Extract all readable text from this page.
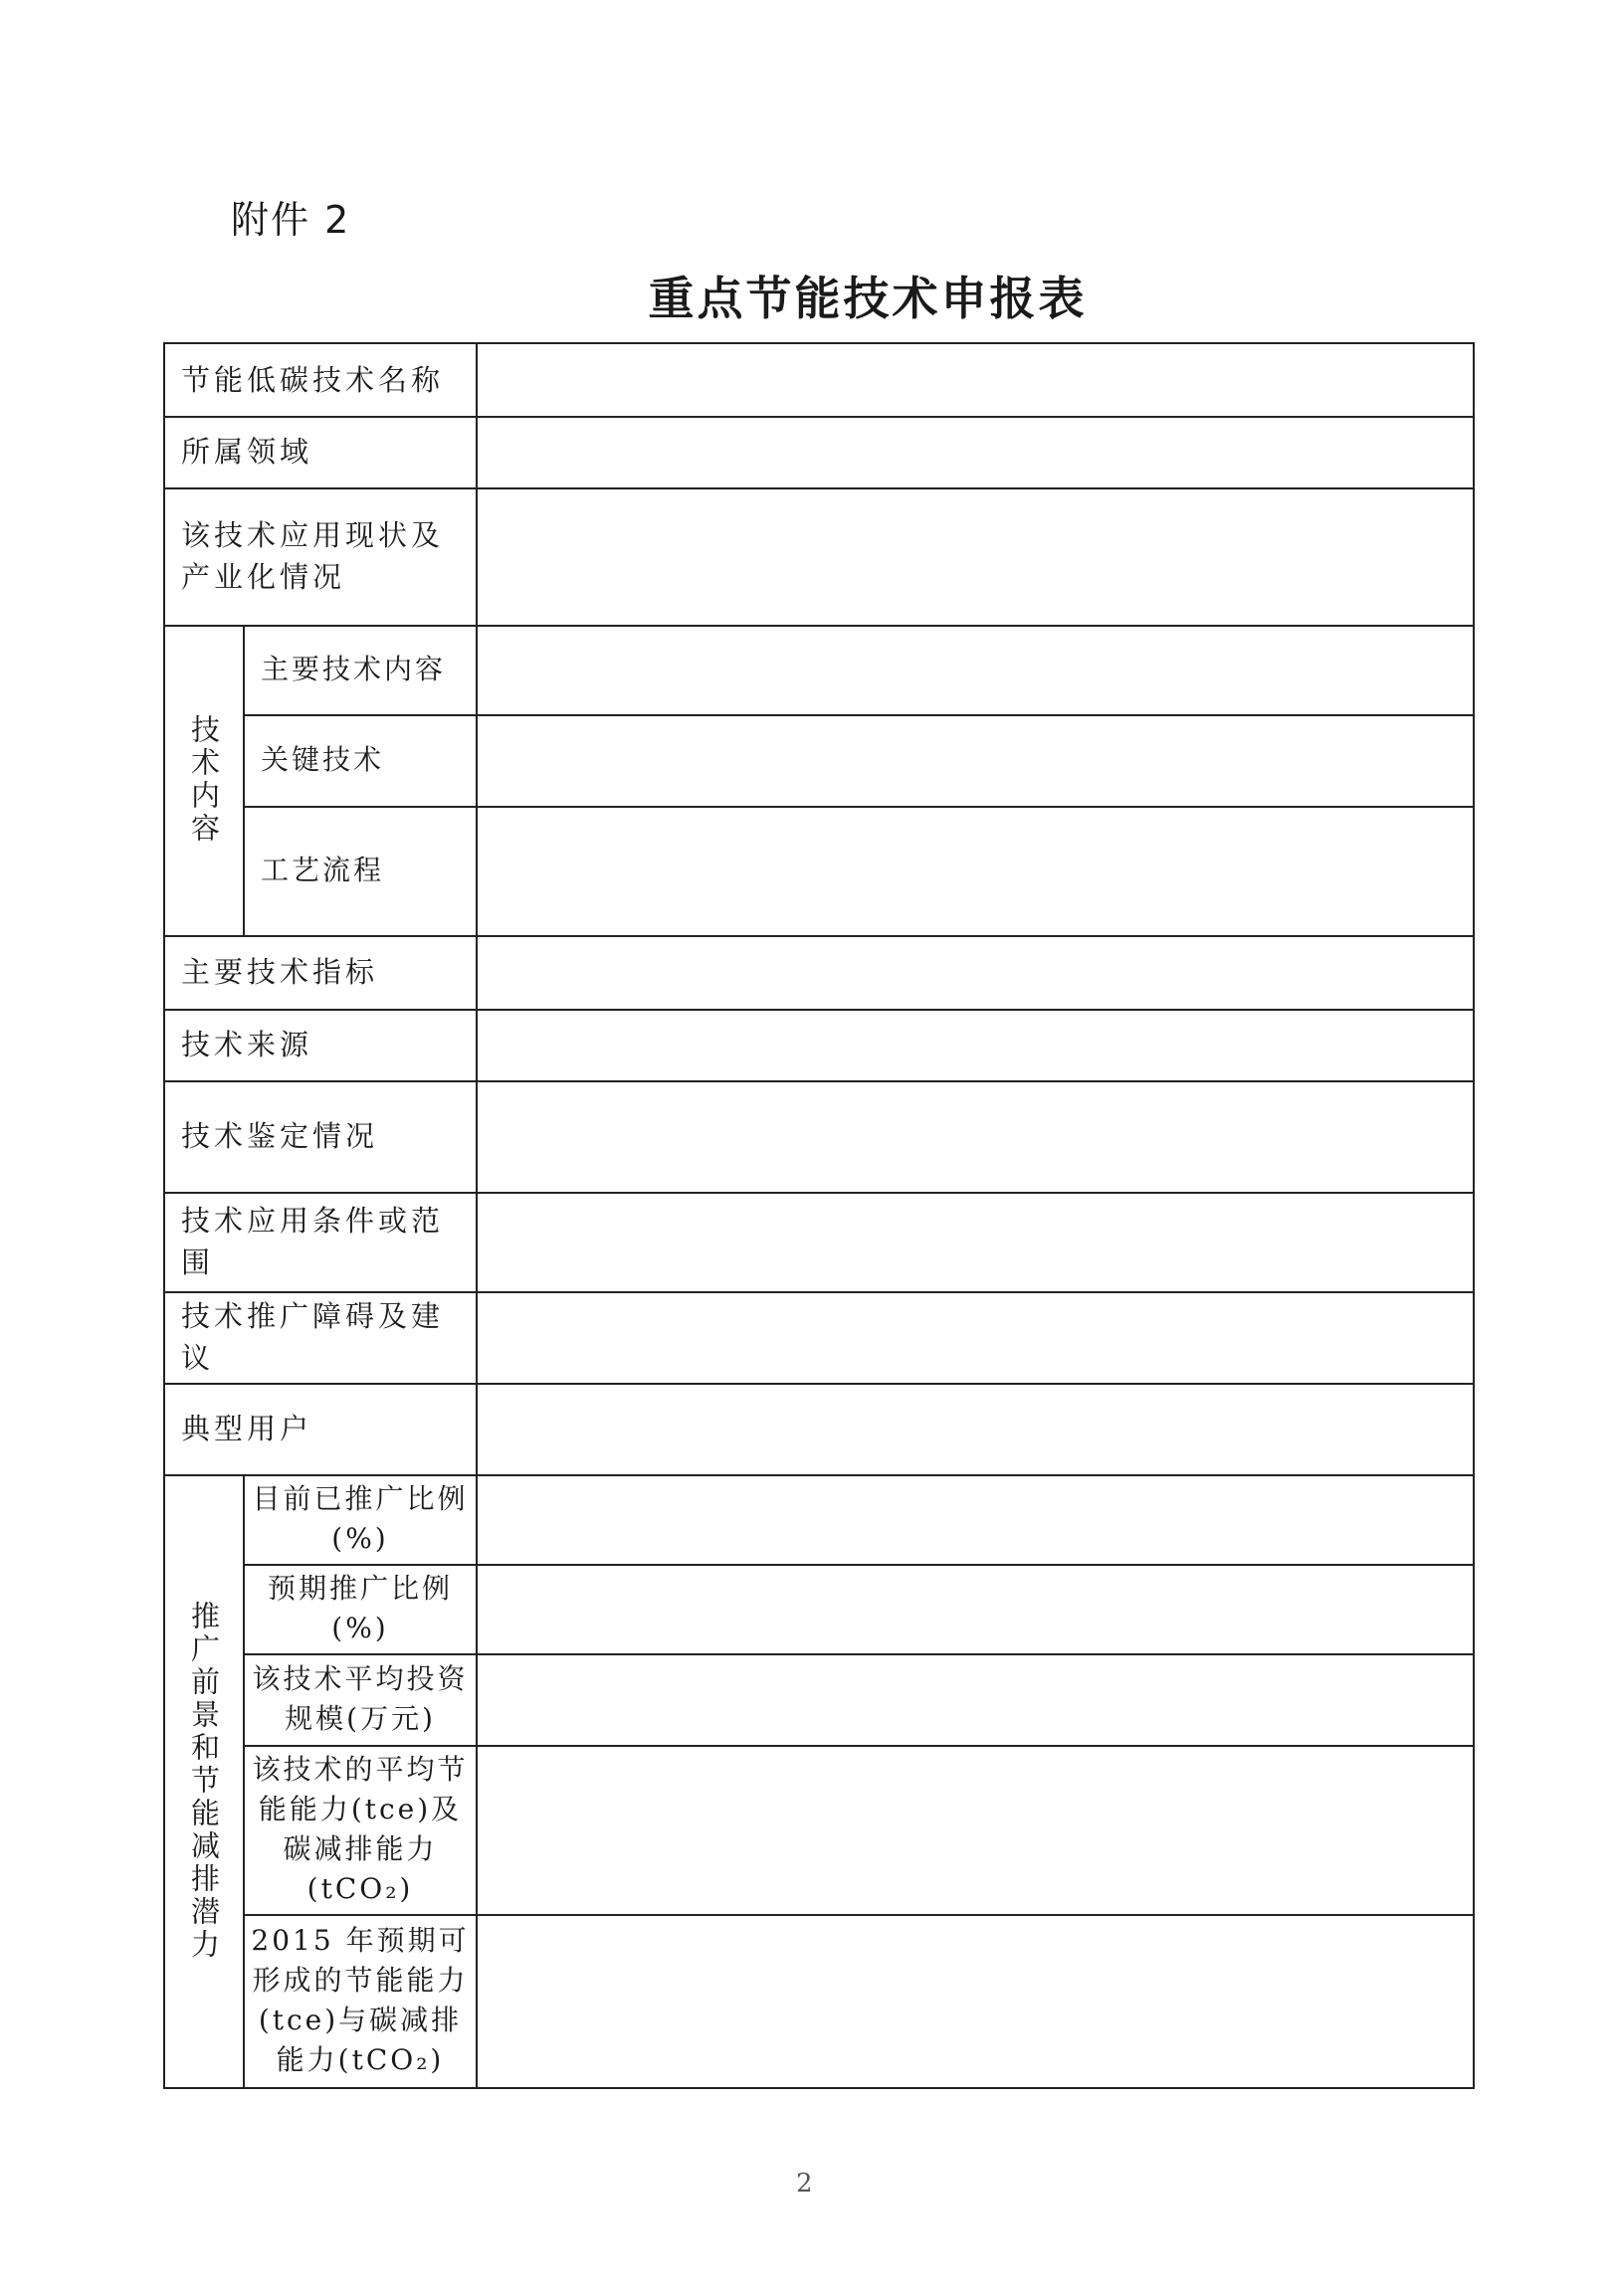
附件 2
重点节能技术申报表
节能低碳技术名称
所属领域
该技术应用现状及产业化情况
技术内容
主要技术内容
关键技术
工艺流程
主要技术指标
技术来源
技术鉴定情况
技术应用条件或范围
技术推广障碍及建议
典型用户
推广前景和节能减排潜力
目前已推广比例(%)
预期推广比例(%)
该技术平均投资规模(万元)
该技术的平均节能能力(tce)及碳减排能力(tCO₂)
2015 年预期可形成的节能能力(tce)与碳减排能力(tCO₂)
2
